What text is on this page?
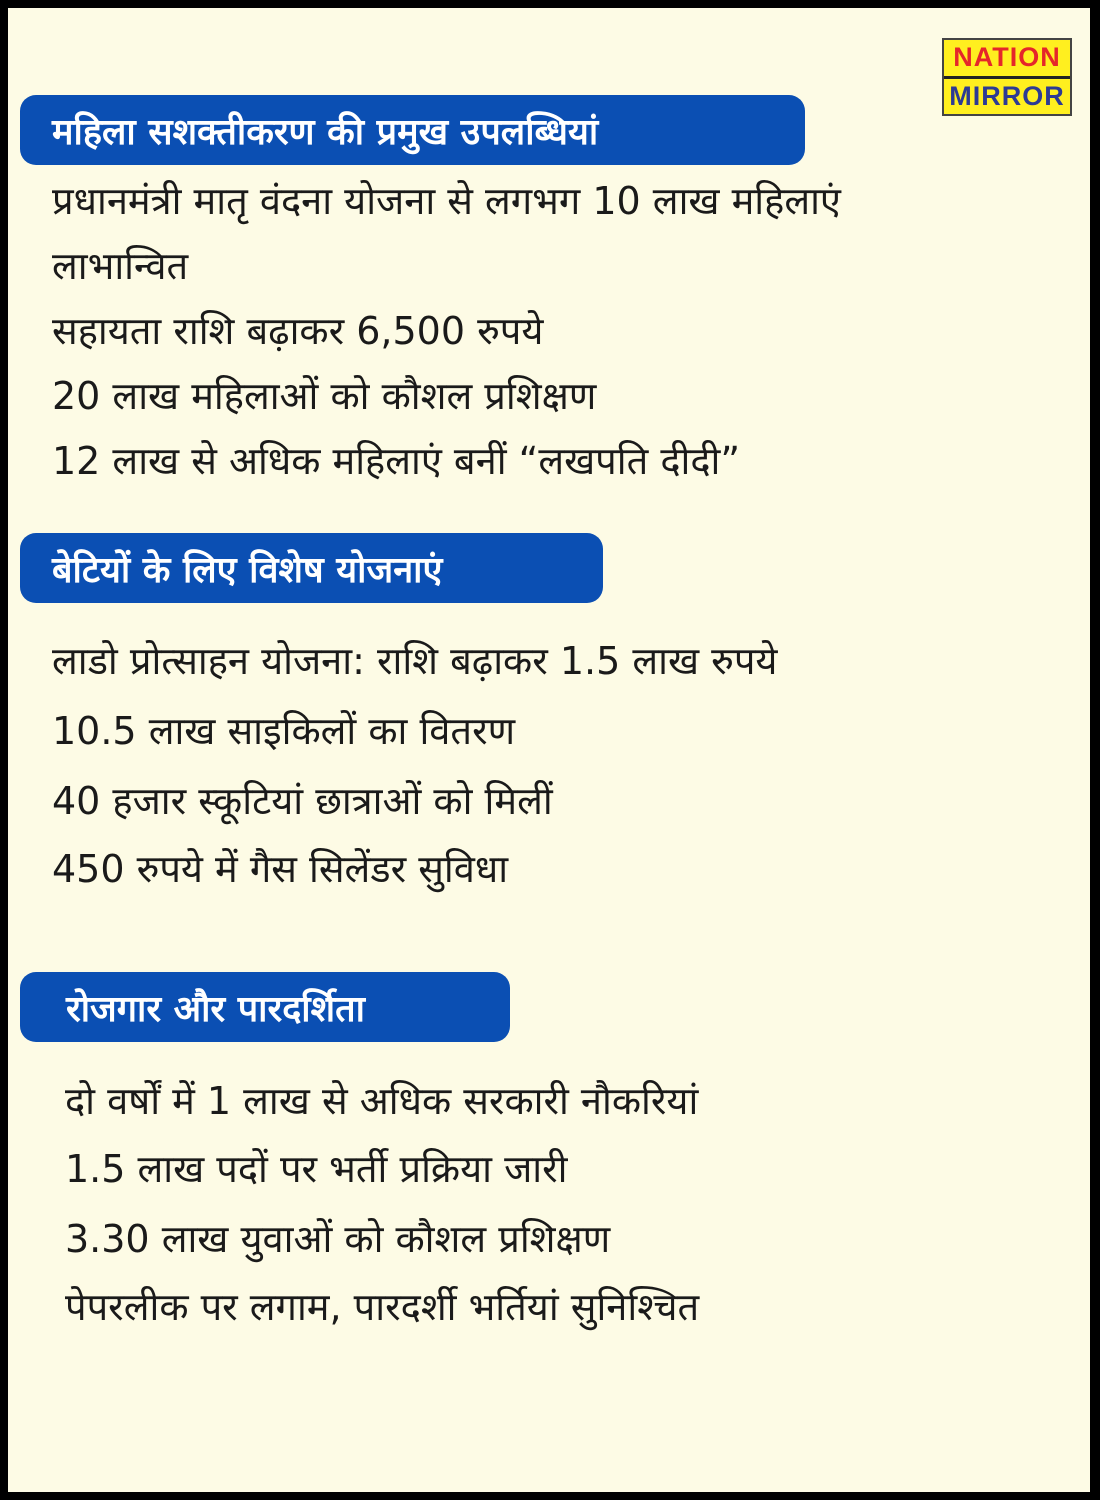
NATION
MIRROR
महिला सशक्तीकरण की प्रमुख उपलब्धियां
प्रधानमंत्री मातृ वंदना योजना से लगभग 10 लाख महिलाएं
लाभान्वित
सहायता राशि बढ़ाकर 6,500 रुपये
20 लाख महिलाओं को कौशल प्रशिक्षण
12 लाख से अधिक महिलाएं बनीं “लखपति दीदी”
बेटियों के लिए विशेष योजनाएं
लाडो प्रोत्साहन योजना: राशि बढ़ाकर 1.5 लाख रुपये
10.5 लाख साइकिलों का वितरण
40 हजार स्कूटियां छात्राओं को मिलीं
450 रुपये में गैस सिलेंडर सुविधा
रोजगार और पारदर्शिता
दो वर्षों में 1 लाख से अधिक सरकारी नौकरियां
1.5 लाख पदों पर भर्ती प्रक्रिया जारी
3.30 लाख युवाओं को कौशल प्रशिक्षण
पेपरलीक पर लगाम, पारदर्शी भर्तियां सुनिश्चित
